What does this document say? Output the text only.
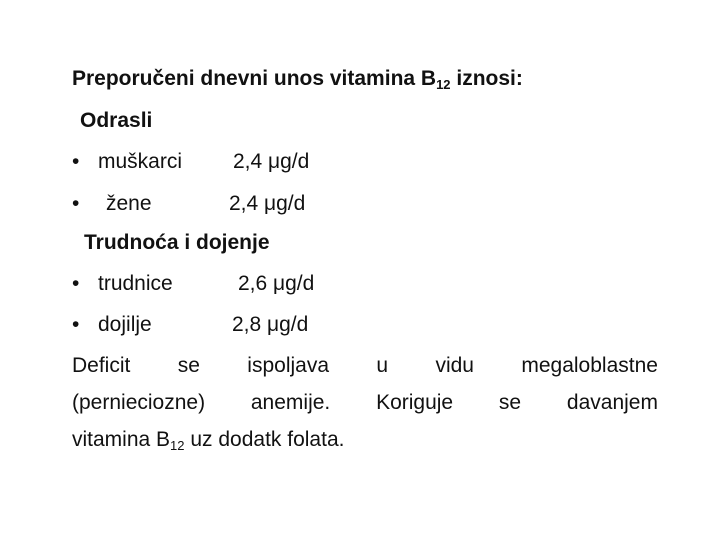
Preporučeni dnevni unos vitamina $B_{12}$ iznosi:
Odrasli
• muškarci 2,4 μg/d
• žene	2,4 μg/d
Trudnoća i dojenje
• trudnice	2,6 μg/d
• dojilje	2,8 μg/d
Deficit se ispoljava u vidu megaloblastne
(pernieciozne) anemije. Koriguje se davanjem
vitamina $B_{12}$ uz dodatk folata.
